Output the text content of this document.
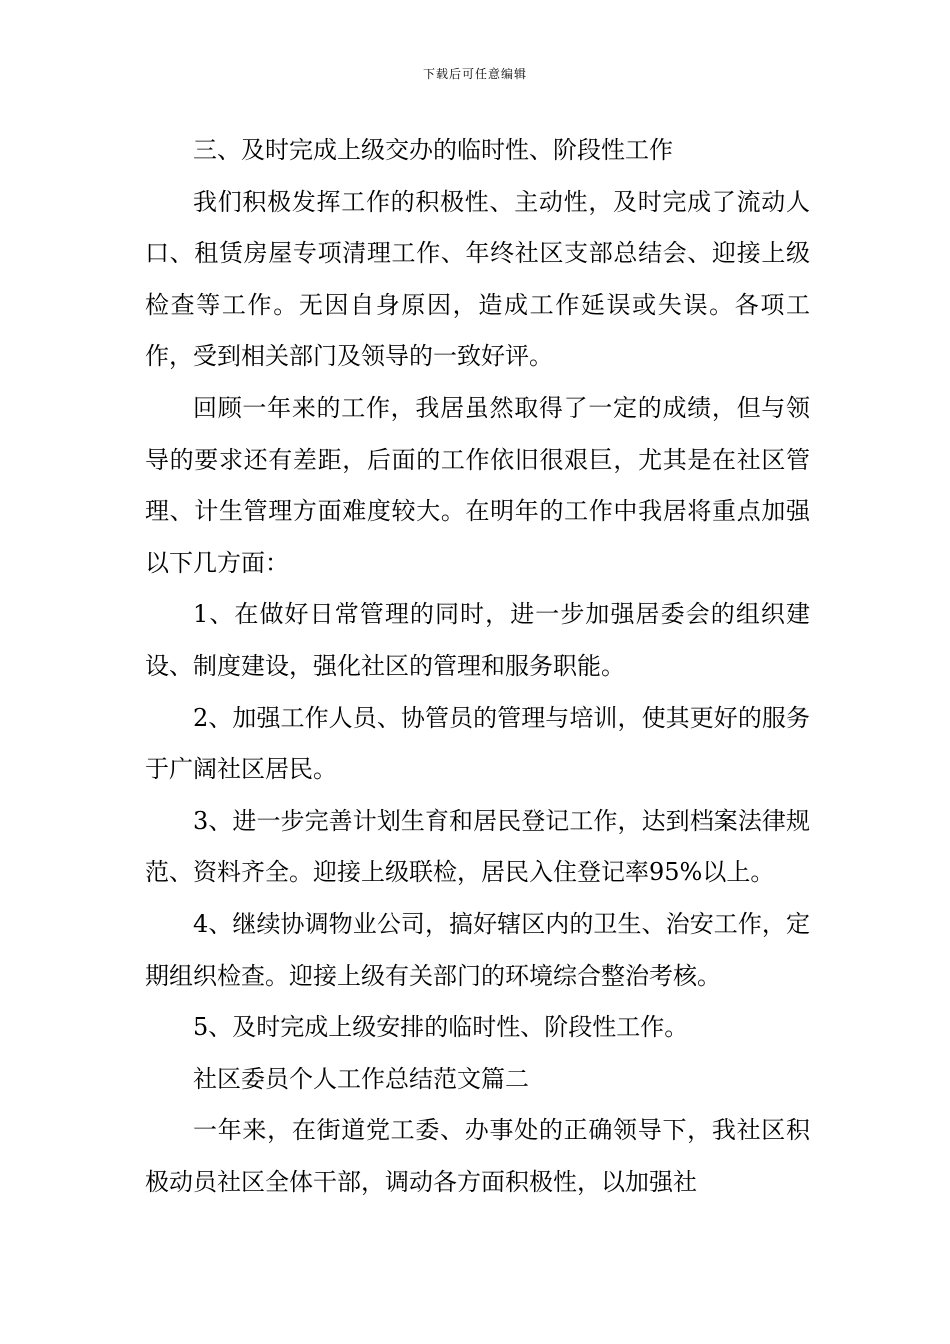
下载后可任意编辑

三、及时完成上级交办的临时性、阶段性工作

我们积极发挥工作的积极性、主动性，及时完成了流动人口、租赁房屋专项清理工作、年终社区支部总结会、迎接上级检查等工作。无因自身原因，造成工作延误或失误。各项工作，受到相关部门及领导的一致好评。

回顾一年来的工作，我居虽然取得了一定的成绩，但与领导的要求还有差距，后面的工作依旧很艰巨，尤其是在社区管理、计生管理方面难度较大。在明年的工作中我居将重点加强以下几方面：

1、在做好日常管理的同时，进一步加强居委会的组织建设、制度建设，强化社区的管理和服务职能。

2、加强工作人员、协管员的管理与培训，使其更好的服务于广阔社区居民。

3、进一步完善计划生育和居民登记工作，达到档案法律规范、资料齐全。迎接上级联检，居民入住登记率95%以上。

4、继续协调物业公司，搞好辖区内的卫生、治安工作，定期组织检查。迎接上级有关部门的环境综合整治考核。

5、及时完成上级安排的临时性、阶段性工作。

社区委员个人工作总结范文篇二

一年来，在街道党工委、办事处的正确领导下，我社区积极动员社区全体干部，调动各方面积极性，以加强社
